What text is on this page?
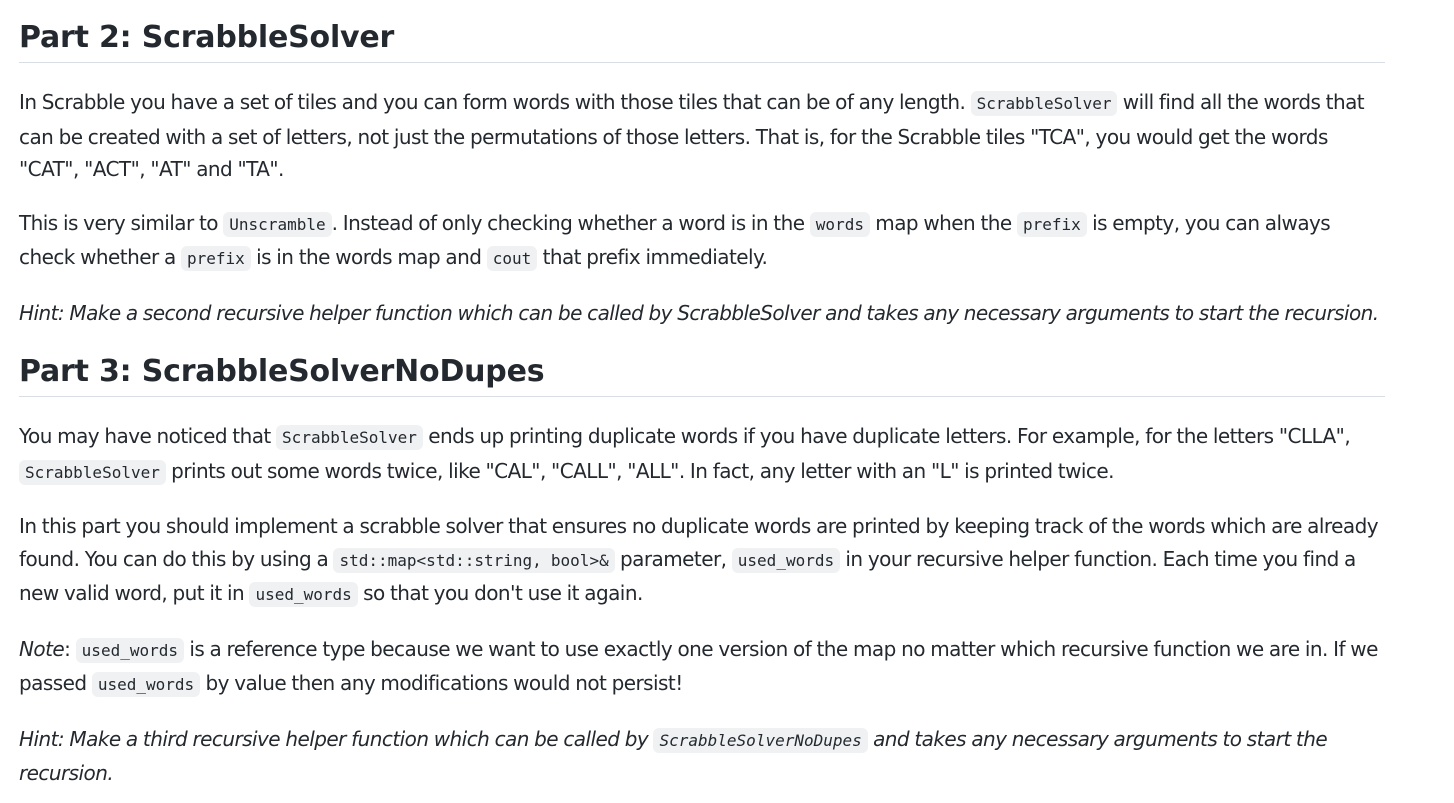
Part 2: ScrabbleSolver

In Scrabble you have a set of tiles and you can form words with those tiles that can be of any length. ScrabbleSolver will find all the words that can be created with a set of letters, not just the permutations of those letters. That is, for the Scrabble tiles "TCA", you would get the words "CAT", "ACT", "AT" and "TA".

This is very similar to Unscramble . Instead of only checking whether a word is in the words map when the prefix is empty, you can always check whether a prefix is in the words map and cout that prefix immediately.

Hint: Make a second recursive helper function which can be called by ScrabbleSolver and takes any necessary arguments to start the recursion.

Part 3: ScrabbleSolverNoDupes

You may have noticed that ScrabbleSolver ends up printing duplicate words if you have duplicate letters. For example, for the letters "CLLA", ScrabbleSolver prints out some words twice, like "CAL", "CALL", "ALL". In fact, any letter with an "L" is printed twice.

In this part you should implement a scrabble solver that ensures no duplicate words are printed by keeping track of the words which are already found. You can do this by using a std::map<std::string, bool>& parameter, used_words in your recursive helper function. Each time you find a new valid word, put it in used_words so that you don't use it again.

Note: used_words is a reference type because we want to use exactly one version of the map no matter which recursive function we are in. If we passed used_words by value then any modifications would not persist!

Hint: Make a third recursive helper function which can be called by ScrabbleSolverNoDupes and takes any necessary arguments to start the recursion.
